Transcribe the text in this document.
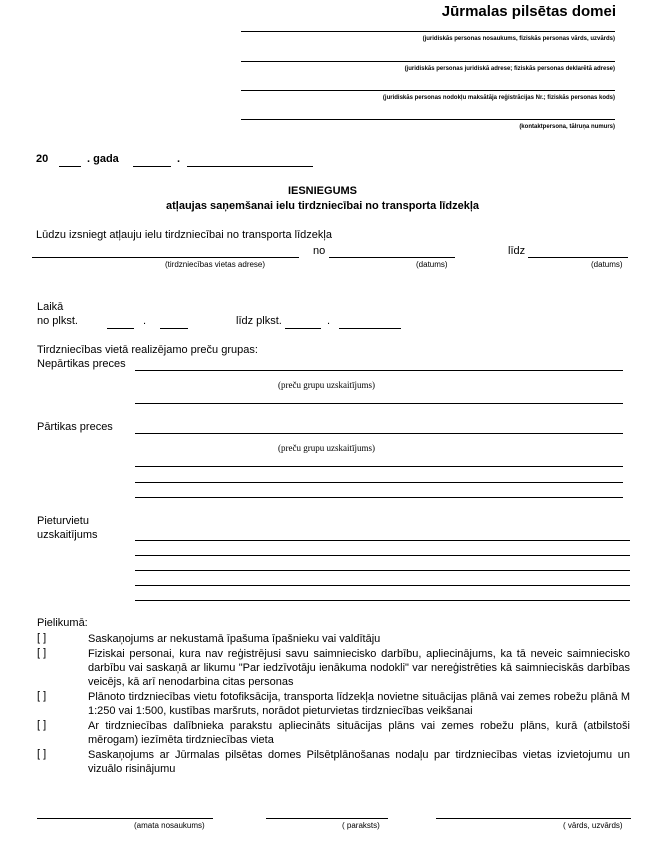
Jūrmalas pilsētas domei
(juridiskās personas nosaukums, fiziskās personas vārds, uzvārds)
(juridiskās personas juridiskā adrese; fiziskās personas deklarētā adrese)
(juridiskās personas nodokļu maksātāja reģistrācijas Nr.; fiziskās personas kods)
(kontaktpersona, tālruņa numurs)
20	. gada	.
IESNIEGUMS
atļaujas saņemšanai ielu tirdzniecībai no transporta līdzekļa
Lūdzu izsniegt atļauju ielu tirdzniecībai no transporta līdzekļa
no	līdz
(tirdzniecības vietas adrese)	(datums)	(datums)
Laikā
no plkst.	.	līdz plkst.	.
Tirdzniecības vietā realizējamo preču grupas:
Nepārtikas preces
(preču grupu uzskaitījums)
Pārtikas preces
(preču grupu uzskaitījums)
Pieturvietu
uzskaitījums
Pielikumā:
[ ]	Saskaņojums ar nekustamā īpašuma īpašnieku vai valdītāju
[ ]	Fiziskai personai, kura nav reģistrējusi savu saimniecisko darbību, apliecinājums, ka tā neveic saimniecisko darbību vai saskaņā ar likumu "Par iedzīvotāju ienākuma nodokli" var nereģistrēties kā saimnieciskās darbības veicējs, kā arī nenodarbina citas personas
[ ]	Plānoto tirdzniecības vietu fotofiksācija, transporta līdzekļa novietne situācijas plānā vai zemes robežu plānā M 1:250 vai 1:500, kustības maršruts, norādot pieturvietas tirdzniecības veikšanai
[ ]	Ar tirdzniecības dalībnieka parakstu apliecināts situācijas plāns vai zemes robežu plāns, kurā (atbilstoši mērogam) iezīmēta tirdzniecības vieta
[ ]	Saskaņojums ar Jūrmalas pilsētas domes Pilsētplānošanas nodaļu par tirdzniecības vietas izvietojumu un vizuālo risinājumu
(amata nosaukums)	( paraksts)	( vārds, uzvārds)
